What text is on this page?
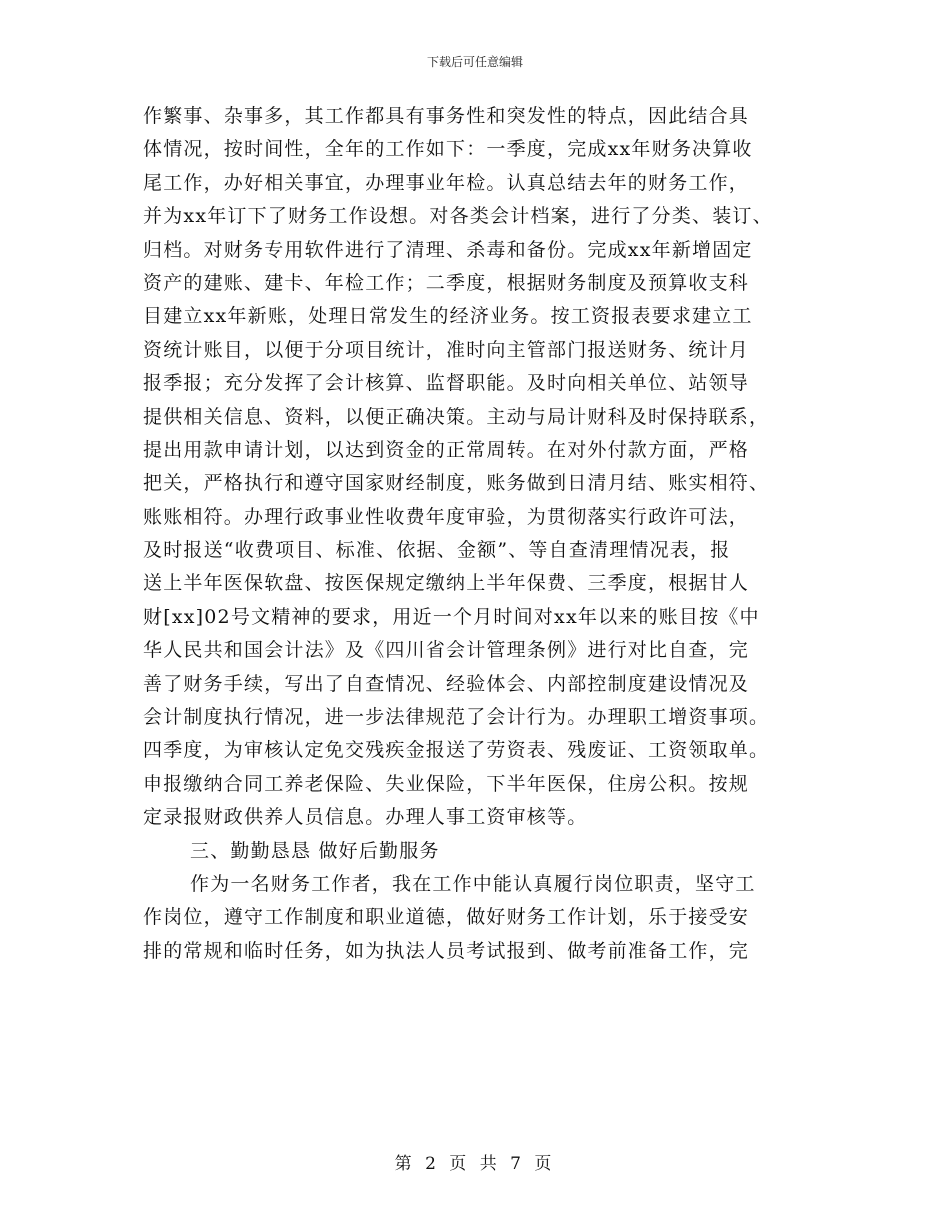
下载后可任意编辑
作繁事、杂事多，其工作都具有事务性和突发性的特点，因此结合具
体情况，按时间性，全年的工作如下：一季度，完成xx年财务决算收
尾工作，办好相关事宜，办理事业年检。认真总结去年的财务工作，
并为xx年订下了财务工作设想。对各类会计档案，进行了分类、装订、
归档。对财务专用软件进行了清理、杀毒和备份。完成xx年新增固定
资产的建账、建卡、年检工作；二季度，根据财务制度及预算收支科
目建立xx年新账，处理日常发生的经济业务。按工资报表要求建立工
资统计账目，以便于分项目统计，准时向主管部门报送财务、统计月
报季报；充分发挥了会计核算、监督职能。及时向相关单位、站领导
提供相关信息、资料，以便正确决策。主动与局计财科及时保持联系，
提出用款申请计划，以达到资金的正常周转。在对外付款方面，严格
把关，严格执行和遵守国家财经制度，账务做到日清月结、账实相符、
账账相符。办理行政事业性收费年度审验，为贯彻落实行政许可法，
及时报送“收费项目、标准、依据、金额”、等自查清理情况表，报
送上半年医保软盘、按医保规定缴纳上半年保费、三季度，根据甘人
财[xx]02号文精神的要求，用近一个月时间对xx年以来的账目按《中
华人民共和国会计法》及《四川省会计管理条例》进行对比自查，完
善了财务手续，写出了自查情况、经验体会、内部控制度建设情况及
会计制度执行情况，进一步法律规范了会计行为。办理职工增资事项。
四季度，为审核认定免交残疾金报送了劳资表、残废证、工资领取单。
申报缴纳合同工养老保险、失业保险，下半年医保，住房公积。按规
定录报财政供养人员信息。办理人事工资审核等。
三、勤勤恳恳 做好后勤服务
作为一名财务工作者，我在工作中能认真履行岗位职责，坚守工
作岗位，遵守工作制度和职业道德，做好财务工作计划，乐于接受安
排的常规和临时任务，如为执法人员考试报到、做考前准备工作，完
第 2 页 共 7 页
